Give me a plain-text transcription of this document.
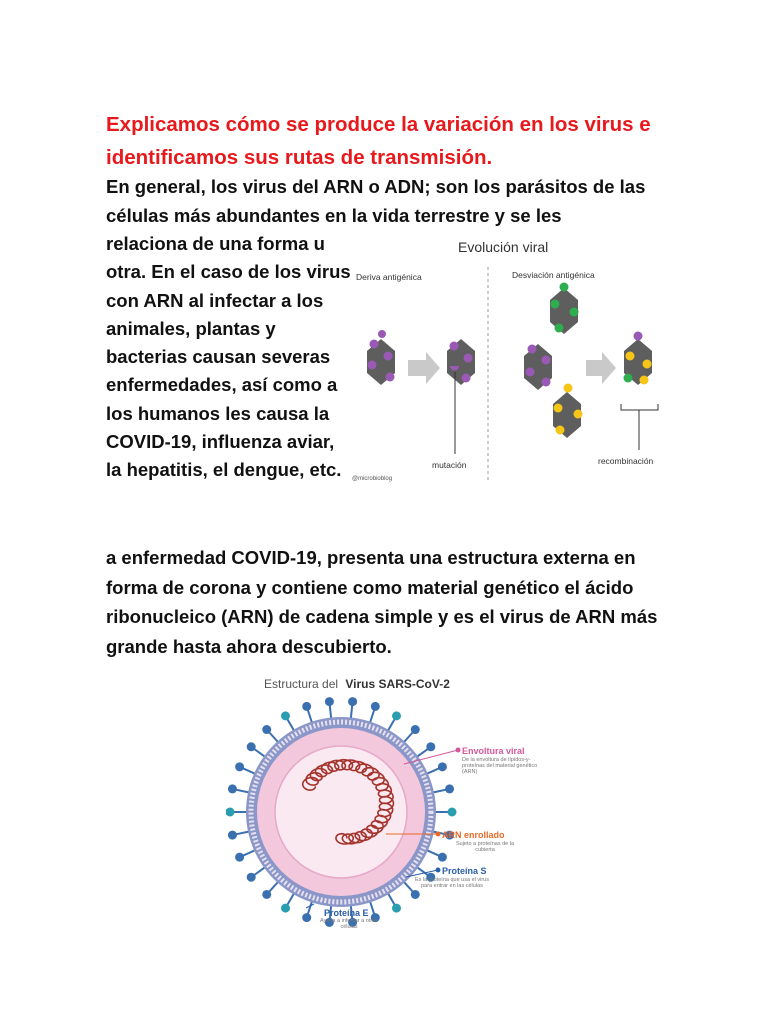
Explicamos cómo se produce la variación en los virus e identificamos sus rutas de transmisión.

En general, los virus del ARN o ADN; son los parásitos de las células más abundantes en la vida terrestre y se les

relaciona de una forma u otra. En el caso de los virus con ARN al infectar a los animales, plantas y bacterias causan severas enfermedades, así como a los humanos les causa la COVID-19, influenza aviar, la hepatitis, el dengue, etc.

Evolución viral
Deriva antigénica	Desviación antigénica
mutación
@microbioblog
recombinación

a enfermedad COVID-19, presenta una estructura externa en forma de corona y contiene como material genético el ácido ribonucleico (ARN) de cadena simple y es el virus de ARN más grande hasta ahora descubierto.

Estructura del Virus SARS-CoV-2
Envoltura viral
De la envoltura de lípidos-y-proteínas del material genético (ARN)
ARN enrollado
Sujeto a proteínas de la cubierta
Proteína S
Es la proteína que usa el virus para entrar en las células
Proteína E
Ayuda a infectar a otras células
